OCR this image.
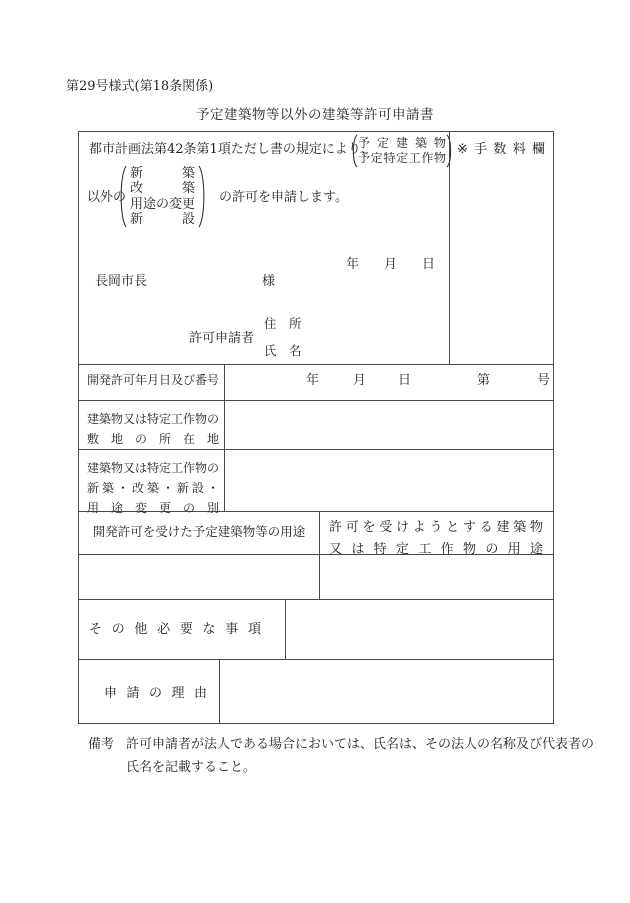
第29号様式(第18条関係)
予定建築物等以外の建築等許可申請書
都市計画法第42条第1項ただし書の規定により、
予定建築物
予定特定工作物
以外の
新築
改築
用途の変更
新設
の許可を申請します。
※ 手 数 料 欄
年 月 日
長岡市長	様
許可申請者
住　所
氏　名
開発許可年月日及び番号	年	月 日	第	号
建築物又は特定工作物の
敷地の所在地
建築物又は特定工作物の
新築・改築・新設・
用途変更の別
開発許可を受けた予定建築物等の用途	許可を受けようとする建築物
又は特定工作物の用途
その他必要な事項
申請の理由
備考 許可申請者が法人である場合においては、氏名は、その法人の名称及び代表者の
氏名を記載すること。
